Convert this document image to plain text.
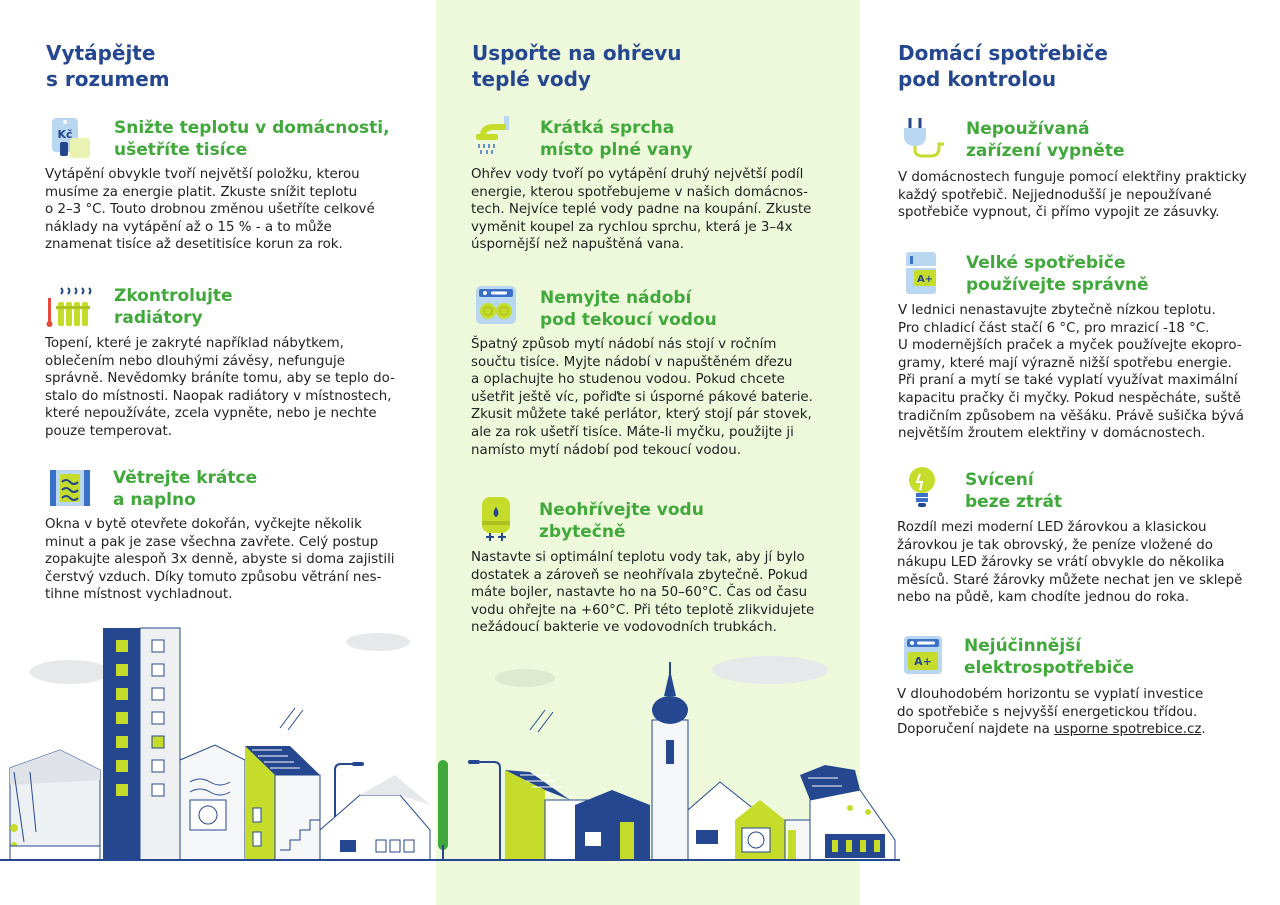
Vytápějte
s rozumem
Kč Snižte teplotu v domácnosti,
ušetříte tisíce

Vytápění obvykle tvoří největší položku, kterou
musíme za energie platit. Zkuste snížit teplotu
o 2–3 °C. Touto drobnou změnou ušetříte celkové
náklady na vytápění až o 15 % - a to může
znamenat tisíce až desetitisíce korun za rok.

Zkontrolujte
radiátory

Topení, které je zakryté například nábytkem,
oblečením nebo dlouhými závěsy, nefunguje
správně. Nevědomky bráníte tomu, aby se teplo do-
stalo do místnosti. Naopak radiátory v místnostech,
které nepoužíváte, zcela vypněte, nebo je nechte
pouze temperovat.

Větrejte krátce
a naplno

Okna v bytě otevřete dokořán, vyčkejte několik
minut a pak je zase všechna zavřete. Celý postup
zopakujte alespoň 3x denně, abyste si doma zajistili
čerstvý vzduch. Díky tomuto způsobu větrání nes-
tihne místnost vychladnout.

Uspořte na ohřevu
teplé vody
Krátká sprcha
místo plné vany

Ohřev vody tvoří po vytápění druhý největší podíl
energie, kterou spotřebujeme v našich domácnos-
tech. Nejvíce teplé vody padne na koupání. Zkuste
vyměnit koupel za rychlou sprchu, která je 3–4x
úspornější než napuštěná vana.

Nemyjte nádobí
pod tekoucí vodou

Špatný způsob mytí nádobí nás stojí v ročním
součtu tisíce. Myjte nádobí v napuštěném dřezu
a oplachujte ho studenou vodou. Pokud chcete
ušetřit ještě víc, pořiďte si úsporné pákové baterie.
Zkusit můžete také perlátor, který stojí pár stovek,
ale za rok ušetří tisíce. Máte-li myčku, použijte ji
namísto mytí nádobí pod tekoucí vodou.

Neohřívejte vodu
zbytečně

Nastavte si optimální teplotu vody tak, aby jí bylo
dostatek a zároveň se neohřívala zbytečně. Pokud
máte bojler, nastavte ho na 50–60°C. Čas od času
vodu ohřejte na +60°C. Při této teplotě zlikvidujete
nežádoucí bakterie ve vodovodních trubkách.

Domácí spotřebiče
pod kontrolou
Nepoužívaná
zařízení vypněte

V domácnostech funguje pomocí elektřiny prakticky
každý spotřebič. Nejjednodušší je nepoužívané
spotřebiče vypnout, či přímo vypojit ze zásuvky.

A+
Velké spotřebiče
používejte správně

V lednici nenastavujte zbytečně nízkou teplotu.
Pro chladicí část stačí 6 °C, pro mrazicí -18 °C.
U modernějších praček a myček používejte ekopro-
gramy, které mají výrazně nižší spotřebu energie.
Při praní a mytí se také vyplatí využívat maximální
kapacitu pračky či myčky. Pokud nespěcháte, suště
tradičním způsobem na věšáku. Právě sušička bývá
největším žroutem elektřiny v domácnostech.

Svícení
beze ztrát

Rozdíl mezi moderní LED žárovkou a klasickou
žárovkou je tak obrovský, že peníze vložené do
nákupu LED žárovky se vrátí obvykle do několika
měsíců. Staré žárovky můžete nechat jen ve sklepě
nebo na půdě, kam chodíte jednou do roka.

A+
Nejúčinnější
elektrospotřebiče

V dlouhodobém horizontu se vyplatí investice
do spotřebiče s nejvyšší energetickou třídou.
Doporučení najdete na usporne spotrebice.cz.
